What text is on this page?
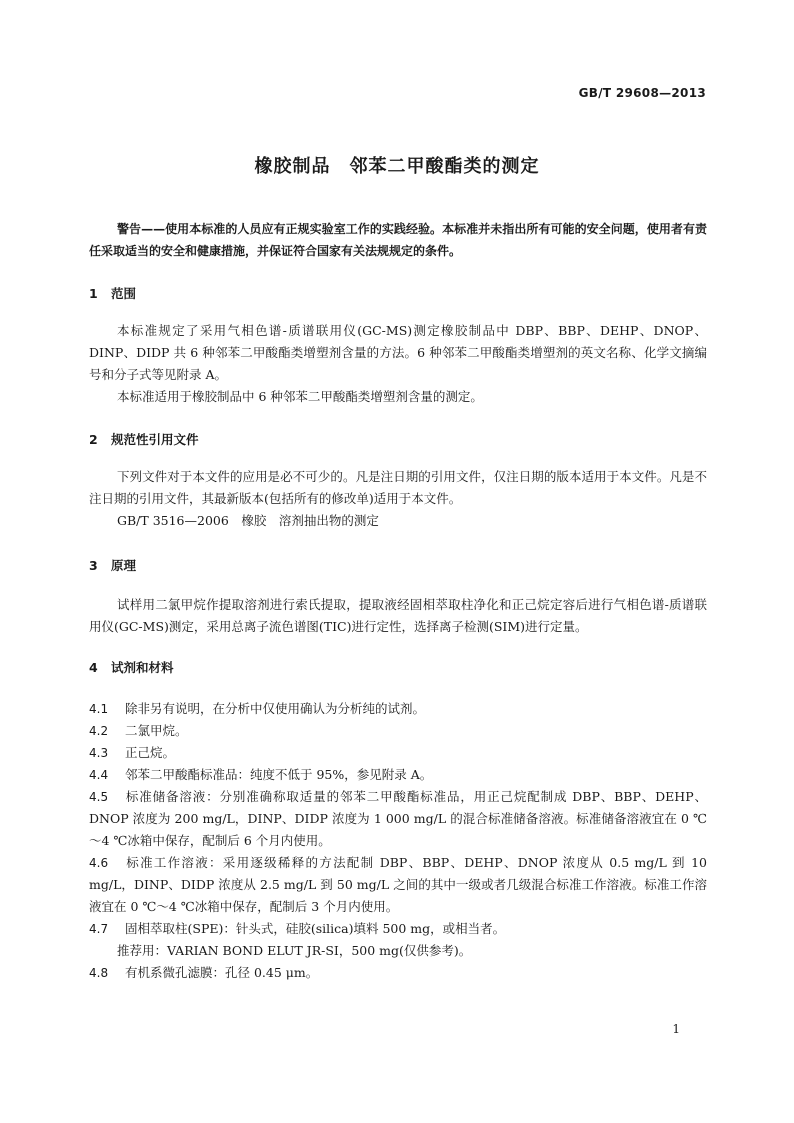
GB/T 29608—2013
橡胶制品　邻苯二甲酸酯类的测定
警告——使用本标准的人员应有正规实验室工作的实践经验。本标准并未指出所有可能的安全问题，使用者有责任采取适当的安全和健康措施，并保证符合国家有关法规规定的条件。
1 范围

本标准规定了采用气相色谱-质谱联用仪(GC-MS)测定橡胶制品中 DBP、BBP、DEHP、DNOP、DINP、DIDP 共 6 种邻苯二甲酸酯类增塑剂含量的方法。6 种邻苯二甲酸酯类增塑剂的英文名称、化学文摘编号和分子式等见附录 A。

本标准适用于橡胶制品中 6 种邻苯二甲酸酯类增塑剂含量的测定。

2 规范性引用文件

下列文件对于本文件的应用是必不可少的。凡是注日期的引用文件，仅注日期的版本适用于本文件。凡是不注日期的引用文件，其最新版本(包括所有的修改单)适用于本文件。

GB/T 3516—2006　橡胶　溶剂抽出物的测定

3 原理

试样用二氯甲烷作提取溶剂进行索氏提取，提取液经固相萃取柱净化和正己烷定容后进行气相色谱-质谱联用仪(GC-MS)测定，采用总离子流色谱图(TIC)进行定性，选择离子检测(SIM)进行定量。

4 试剂和材料

4.1 除非另有说明，在分析中仅使用确认为分析纯的试剂。

4.2 二氯甲烷。

4.3 正己烷。

4.4 邻苯二甲酸酯标准品：纯度不低于 95%，参见附录 A。

4.5 标准储备溶液：分别准确称取适量的邻苯二甲酸酯标准品，用正己烷配制成 DBP、BBP、DEHP、DNOP 浓度为 200 mg/L，DINP、DIDP 浓度为 1 000 mg/L 的混合标准储备溶液。标准储备溶液宜在 0 ℃～4 ℃冰箱中保存，配制后 6 个月内使用。

4.6 标准工作溶液：采用逐级稀释的方法配制 DBP、BBP、DEHP、DNOP 浓度从 0.5 mg/L 到 10 mg/L，DINP、DIDP 浓度从 2.5 mg/L 到 50 mg/L 之间的其中一级或者几级混合标准工作溶液。标准工作溶液宜在 0 ℃～4 ℃冰箱中保存，配制后 3 个月内使用。

4.7 固相萃取柱(SPE)：针头式，硅胶(silica)填料 500 mg，或相当者。

推荐用：VARIAN BOND ELUT JR-SI，500 mg(仅供参考)。

4.8 有机系微孔滤膜：孔径 0.45 μm。

1
